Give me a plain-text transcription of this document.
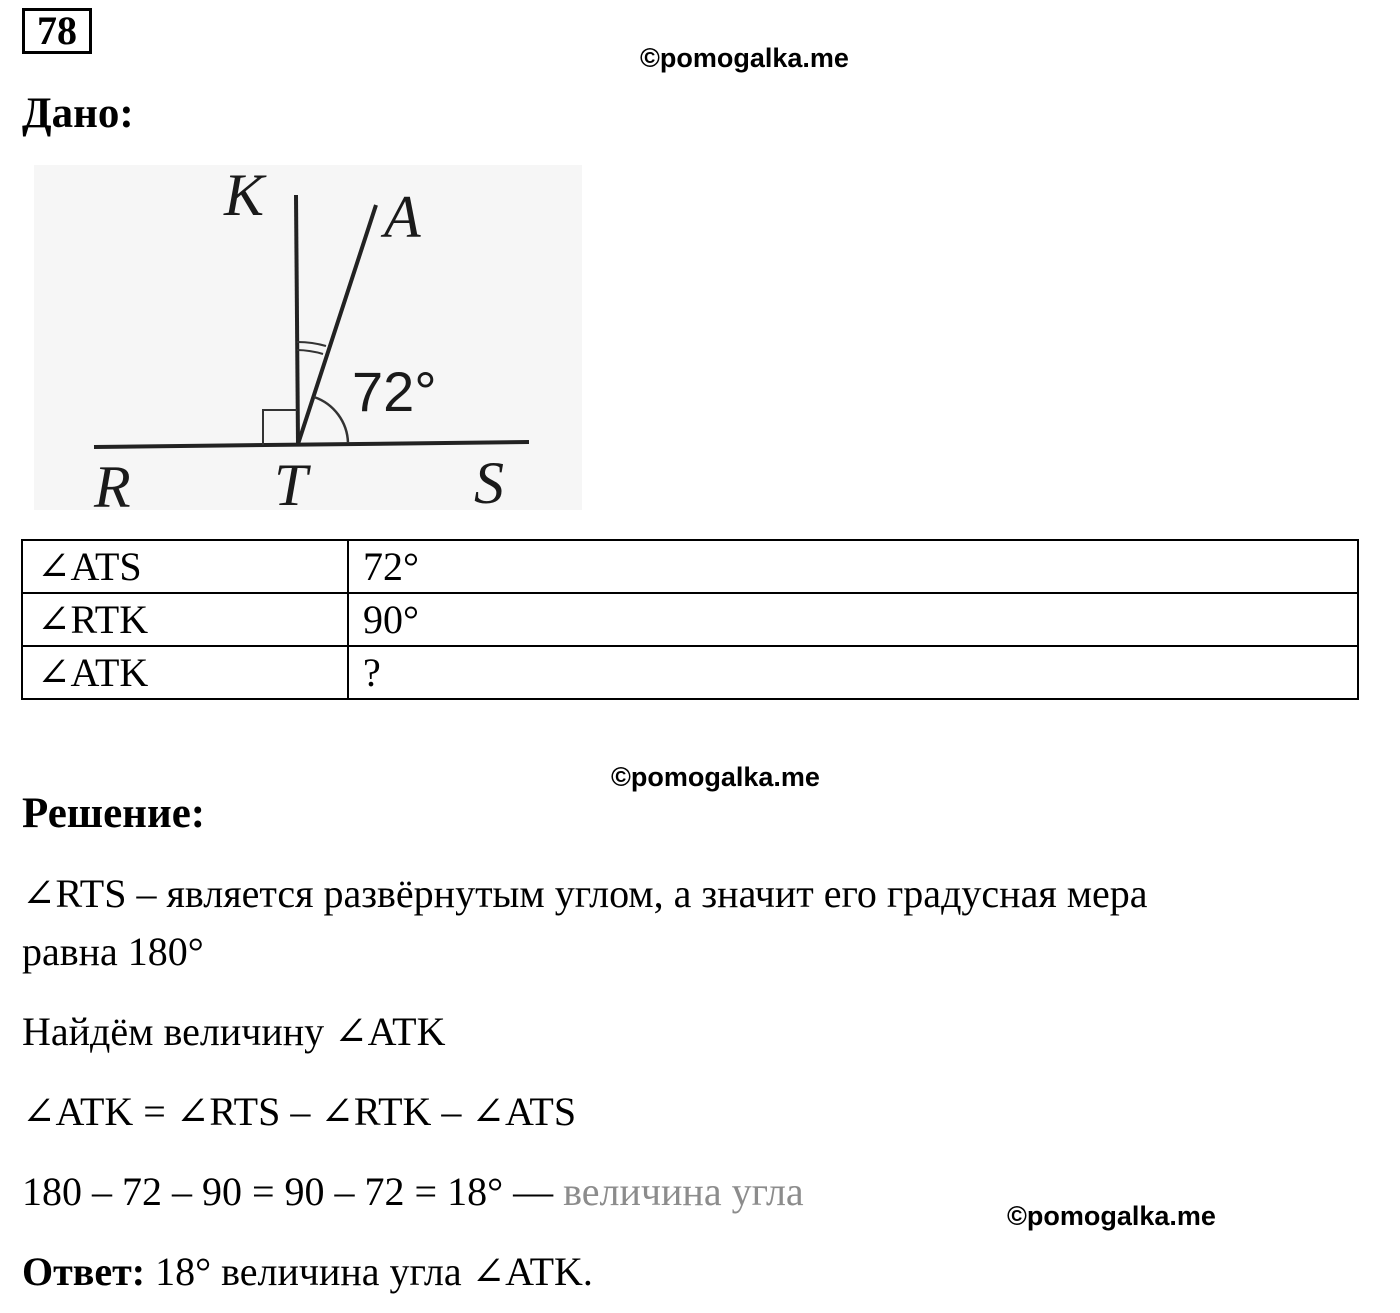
78
©pomogalka.me
Дано:
K A
R T	S
72°
∠ATS	72°
∠RTK	90°
∠ATK	?
©pomogalka.me
Решение:
∠RTS – является развёрнутым углом, а значит его градусная мера
равна 180°
Найдём величину ∠ATK
∠ATK = ∠RTS – ∠RTK – ∠ATS
180 – 72 – 90 = 90 – 72 = 18° — величина угла
©pomogalka.me
Ответ: 18° величина угла ∠ATK.
